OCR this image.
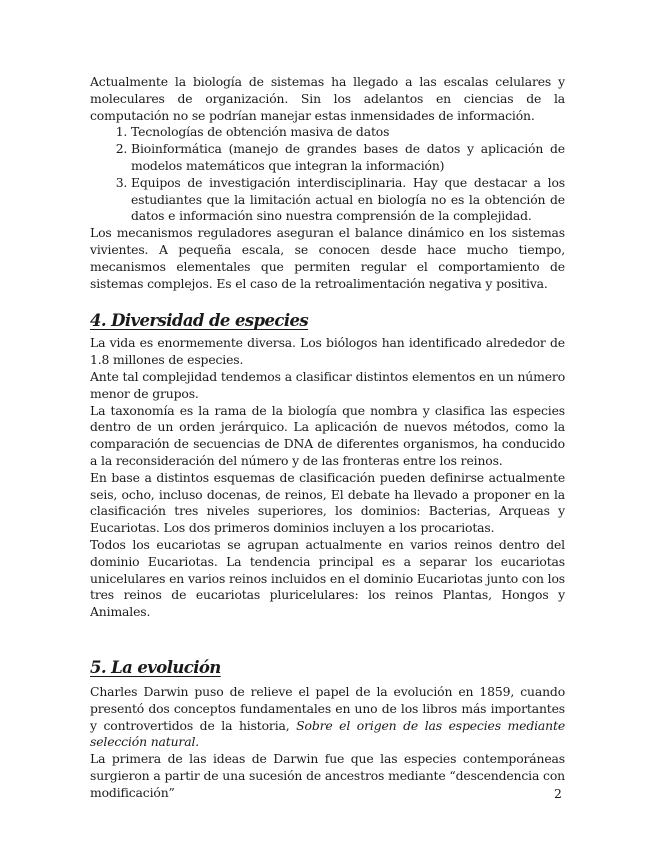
Actualmente la biología de sistemas ha llegado a las escalas celulares y moleculares de organización. Sin los adelantos en ciencias de la computación no se podrían manejar estas inmensidades de información.

1. Tecnologías de obtención masiva de datos
2. Bioinformática (manejo de grandes bases de datos y aplicación de modelos matemáticos que integran la información)
3. Equipos de investigación interdisciplinaria. Hay que destacar a los estudiantes que la limitación actual en biología no es la obtención de datos e información sino nuestra comprensión de la complejidad.

Los mecanismos reguladores aseguran el balance dinámico en los sistemas vivientes. A pequeña escala, se conocen desde hace mucho tiempo, mecanismos elementales que permiten regular el comportamiento de sistemas complejos. Es el caso de la retroalimentación negativa y positiva.

4. Diversidad de especies

La vida es enormemente diversa. Los biólogos han identificado alrededor de 1.8 millones de especies.

Ante tal complejidad tendemos a clasificar distintos elementos en un número menor de grupos.

La taxonomía es la rama de la biología que nombra y clasifica las especies dentro de un orden jerárquico. La aplicación de nuevos métodos, como la comparación de secuencias de DNA de diferentes organismos, ha conducido a la reconsideración del número y de las fronteras entre los reinos.

En base a distintos esquemas de clasificación pueden definirse actualmente seis, ocho, incluso docenas, de reinos, El debate ha llevado a proponer en la clasificación tres niveles superiores, los dominios: Bacterias, Arqueas y Eucariotas. Los dos primeros dominios incluyen a los procariotas.

Todos los eucariotas se agrupan actualmente en varios reinos dentro del dominio Eucariotas. La tendencia principal es a separar los eucariotas unicelulares en varios reinos incluidos en el dominio Eucariotas junto con los tres reinos de eucariotas pluricelulares: los reinos Plantas, Hongos y Animales.

5. La evolución

Charles Darwin puso de relieve el papel de la evolución en 1859, cuando presentó dos conceptos fundamentales en uno de los libros más importantes y controvertidos de la historia, Sobre el origen de las especies mediante selección natural.

La primera de las ideas de Darwin fue que las especies contemporáneas surgieron a partir de una sucesión de ancestros mediante “descendencia con modificación”	2
